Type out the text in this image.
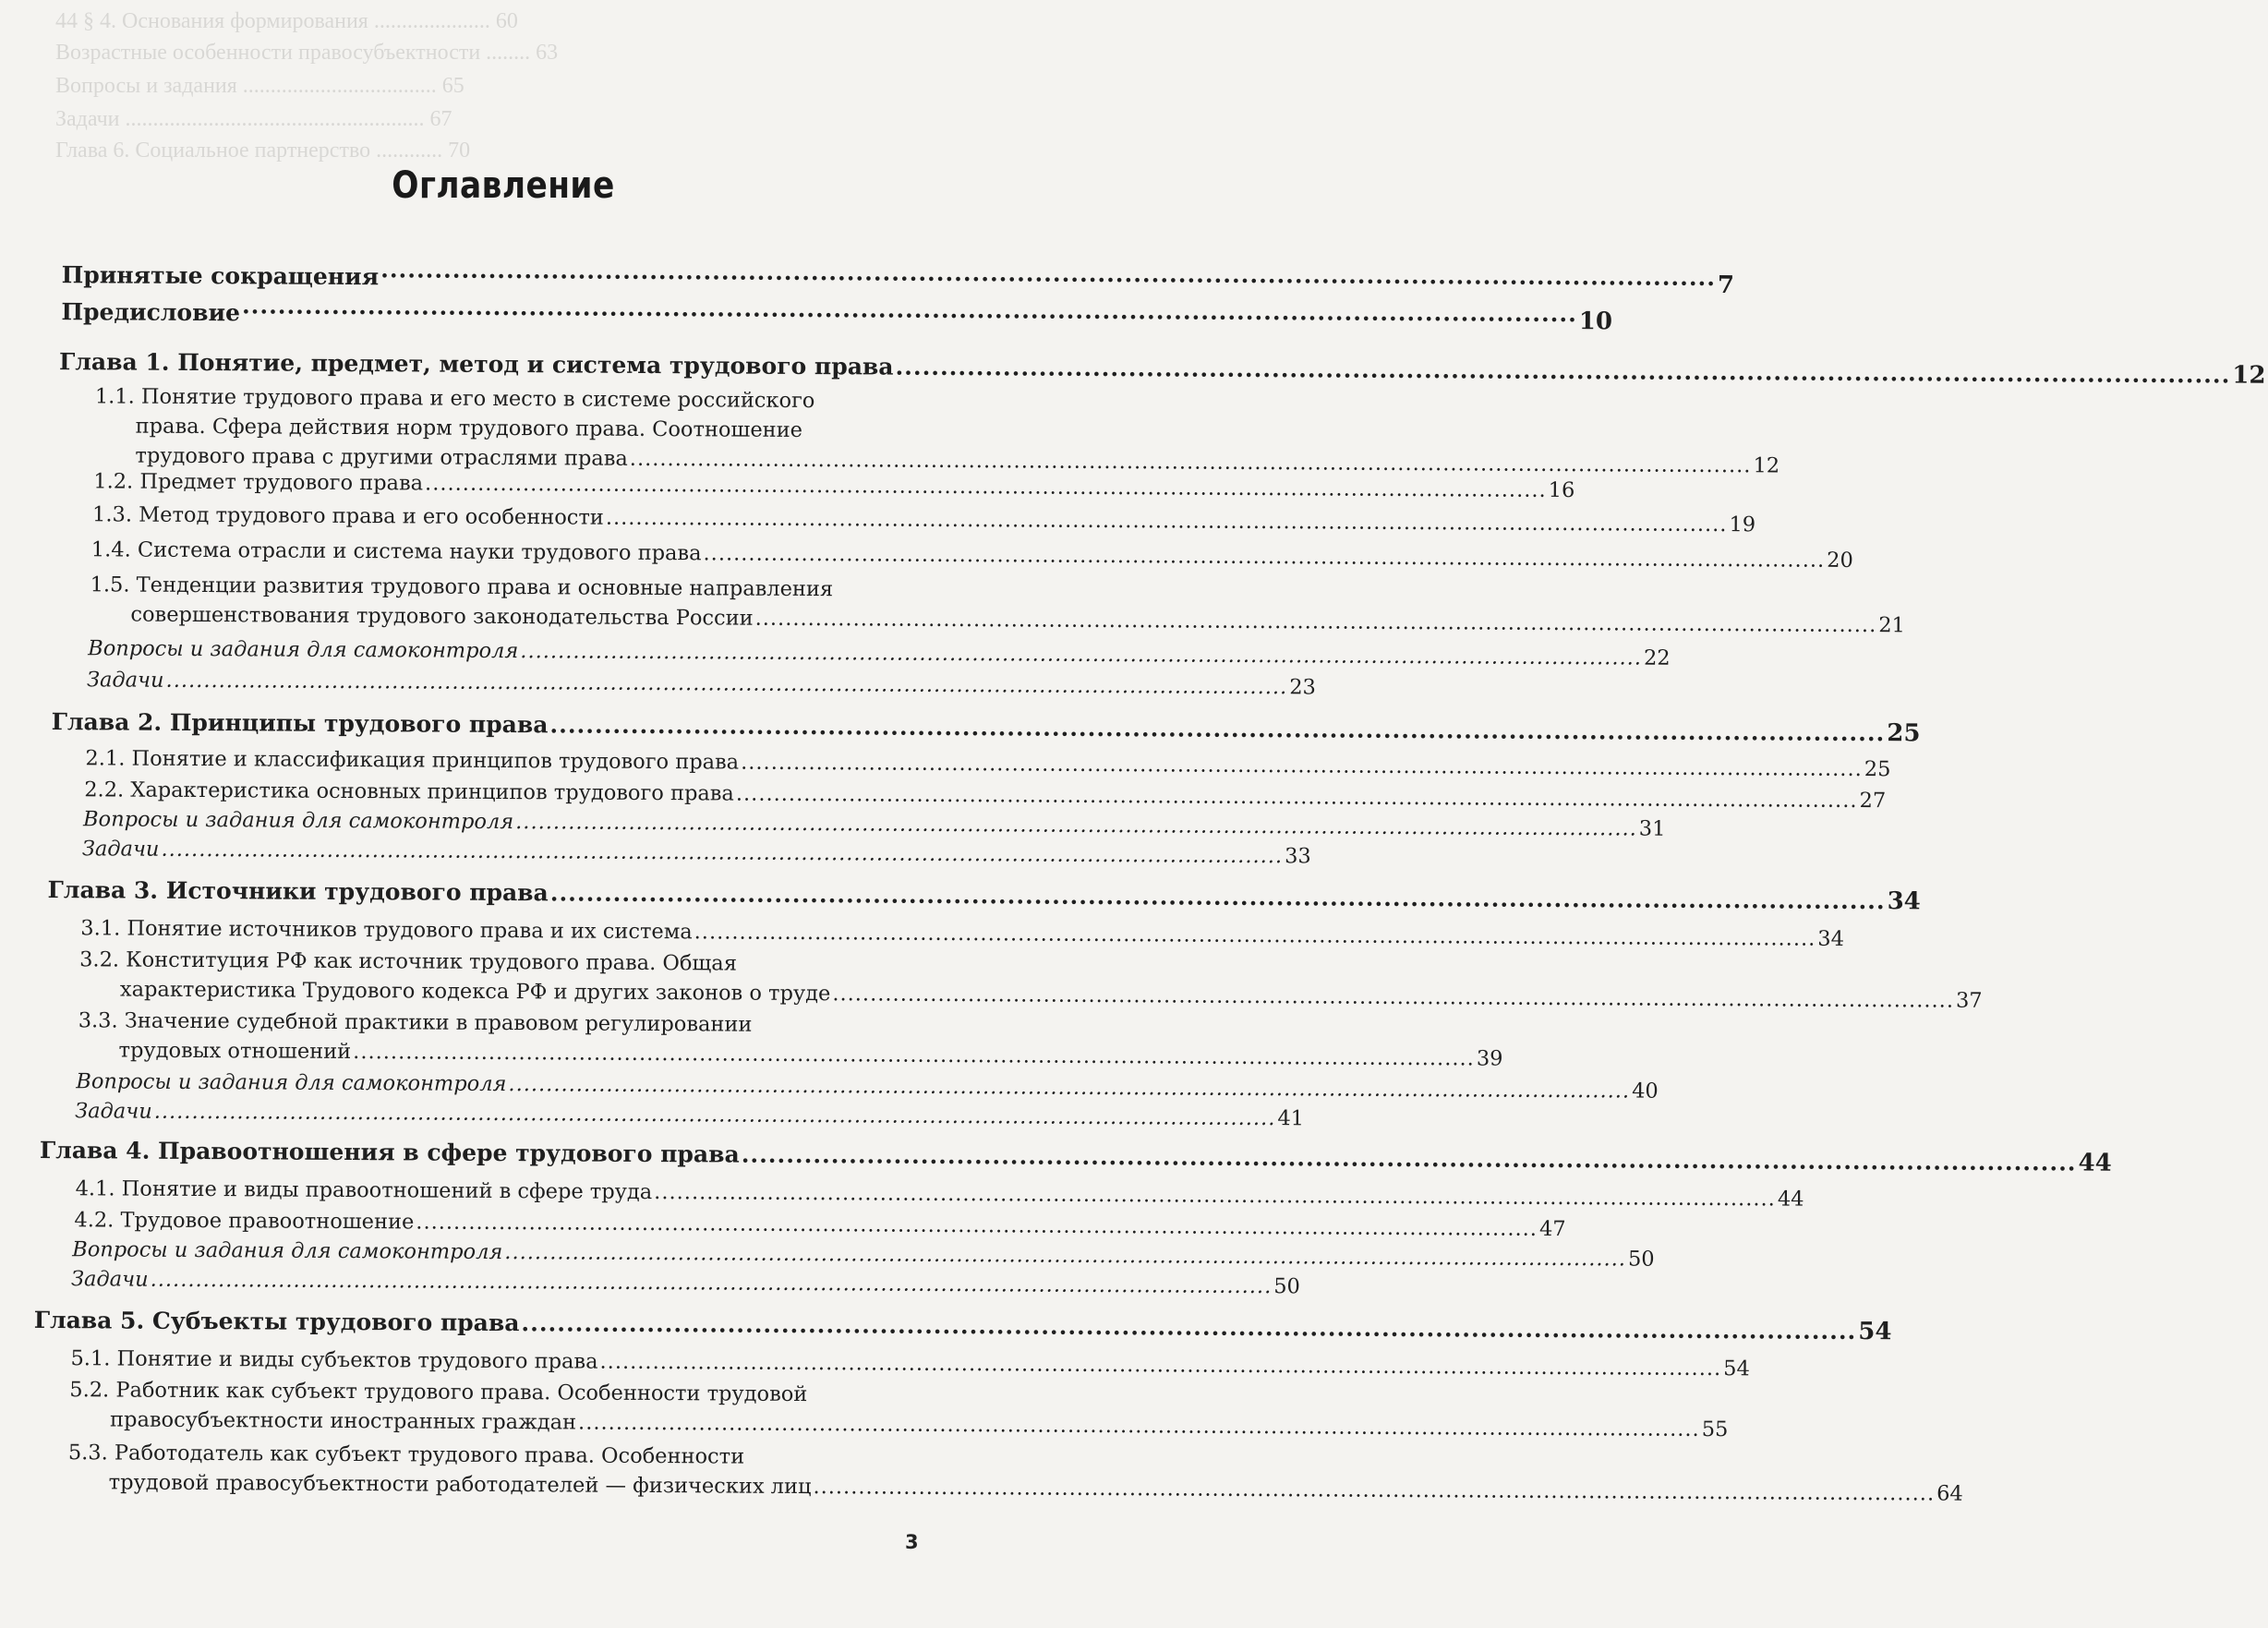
44 § 4. Основания формирования ..................... 60
Возрастные особенности правосубъектности ........ 63
Вопросы и задания ................................... 65
Задачи ...................................................... 67
Глава 6. Социальное партнерство ............ 70
Оглавление
Принятые сокращения ..................................................................................................................................................... 7
Предисловие ..................................................................................................................................................... 10
Глава 1. Понятие, предмет, метод и система трудового права ..................................................................................................................................................... 12
1.1. Понятие трудового права и его место в системе российского
права. Сфера действия норм трудового права. Соотношение
трудового права с другими отраслями права ..................................................................................................................................................... 12
1.2. Предмет трудового права ..................................................................................................................................................... 16
1.3. Метод трудового права и его особенности ..................................................................................................................................................... 19
1.4. Система отрасли и система науки трудового права ..................................................................................................................................................... 20
1.5. Тенденции развития трудового права и основные направления
совершенствования трудового законодательства России ..................................................................................................................................................... 21
Вопросы и задания для самоконтроля ..................................................................................................................................................... 22
Задачи ..................................................................................................................................................... 23
Глава 2. Принципы трудового права ..................................................................................................................................................... 25
2.1. Понятие и классификация принципов трудового права ..................................................................................................................................................... 25
2.2. Характеристика основных принципов трудового права ..................................................................................................................................................... 27
Вопросы и задания для самоконтроля ..................................................................................................................................................... 31
Задачи ..................................................................................................................................................... 33
Глава 3. Источники трудового права ..................................................................................................................................................... 34
3.1. Понятие источников трудового права и их система ..................................................................................................................................................... 34
3.2. Конституция РФ как источник трудового права. Общая
характеристика Трудового кодекса РФ и других законов о труде ..................................................................................................................................................... 37
3.3. Значение судебной практики в правовом регулировании
трудовых отношений ..................................................................................................................................................... 39
Вопросы и задания для самоконтроля ..................................................................................................................................................... 40
Задачи ..................................................................................................................................................... 41
Глава 4. Правоотношения в сфере трудового права ..................................................................................................................................................... 44
4.1. Понятие и виды правоотношений в сфере труда ..................................................................................................................................................... 44
4.2. Трудовое правоотношение ..................................................................................................................................................... 47
Вопросы и задания для самоконтроля ..................................................................................................................................................... 50
Задачи ..................................................................................................................................................... 50
Глава 5. Субъекты трудового права ..................................................................................................................................................... 54
5.1. Понятие и виды субъектов трудового права ..................................................................................................................................................... 54
5.2. Работник как субъект трудового права. Особенности трудовой
правосубъектности иностранных граждан ..................................................................................................................................................... 55
5.3. Работодатель как субъект трудового права. Особенности
трудовой правосубъектности работодателей — физических лиц ..................................................................................................................................................... 64
3
